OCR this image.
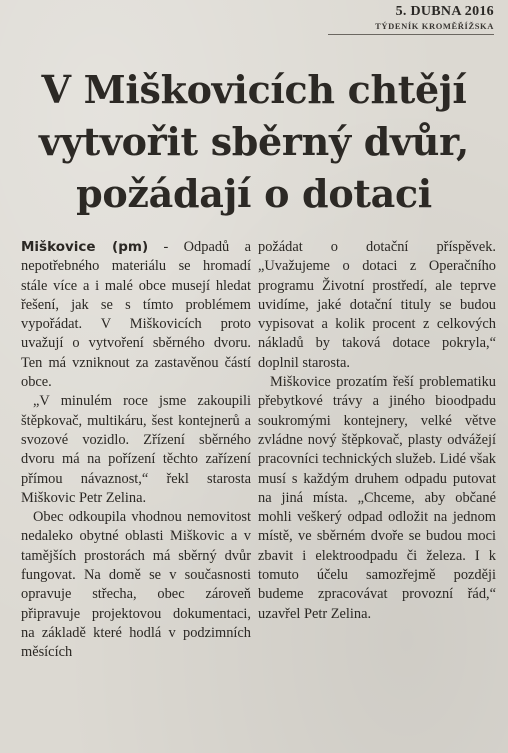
5. DUBNA 2016
TÝDENÍK KROMĚŘÍŽSKA
V Miškovicích chtějí
vytvořit sběrný dvůr,
požádají o dotaci

Miškovice (pm) - Odpadů a nepotřebného materiálu se hromadí stále více a i malé obce musejí hledat řešení, jak se s tímto problémem vypořádat. V Miškovicích proto uvažují o vytvoření sběrného dvoru. Ten má vzniknout za zastavěnou částí obce.

„V minulém roce jsme zakoupili štěpkovač, multikáru, šest kontejnerů a svozové vozidlo. Zřízení sběrného dvoru má na pořízení těchto zařízení přímou návaznost,“ řekl starosta Miškovic Petr Zelina.

Obec odkoupila vhodnou nemovitost nedaleko obytné oblasti Miškovic a v tamějších prostorách má sběrný dvůr fungovat. Na domě se v současnosti opravuje střecha, obec zároveň připravuje projektovou dokumentaci, na základě které hodlá v podzimních měsících

požádat o dotační příspěvek. „Uvažujeme o dotaci z Operačního programu Životní prostředí, ale teprve uvidíme, jaké dotační tituly se budou vypisovat a kolik procent z celkových nákladů by taková dotace pokryla,“ doplnil starosta.

Miškovice prozatím řeší problematiku přebytkové trávy a jiného bioodpadu soukromými kontejnery, velké větve zvládne nový štěpkovač, plasty odvážejí pracovníci technických služeb. Lidé však musí s každým druhem odpadu putovat na jiná místa. „Chceme, aby občané mohli veškerý odpad odložit na jednom místě, ve sběrném dvoře se budou moci zbavit i elektroodpadu či železa. I k tomuto účelu samozřejmě později budeme zpracovávat provozní řád,“ uzavřel Petr Zelina.
